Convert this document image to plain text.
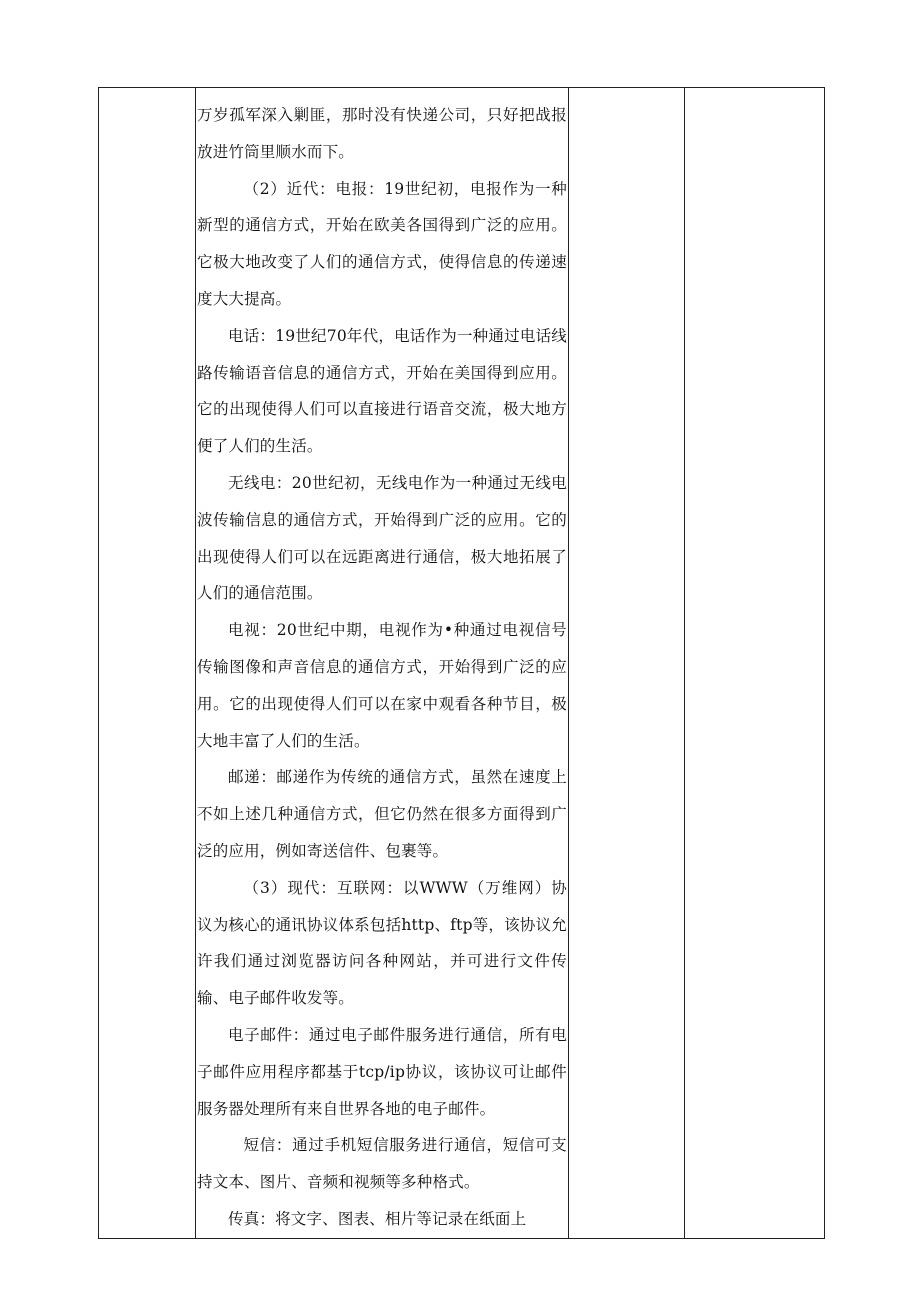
万岁孤军深入剿匪，那时没有快递公司，只好把战报放进竹筒里顺水而下。

（2）近代：电报：19世纪初，电报作为一种新型的通信方式，开始在欧美各国得到广泛的应用。它极大地改变了人们的通信方式，使得信息的传递速度大大提高。

电话：19世纪70年代，电话作为一种通过电话线路传输语音信息的通信方式，开始在美国得到应用。它的出现使得人们可以直接进行语音交流，极大地方便了人们的生活。

无线电：20世纪初，无线电作为一种通过无线电波传输信息的通信方式，开始得到广泛的应用。它的出现使得人们可以在远距离进行通信，极大地拓展了人们的通信范围。

电视：20世纪中期，电视作为•种通过电视信号传输图像和声音信息的通信方式，开始得到广泛的应用。它的出现使得人们可以在家中观看各种节目，极大地丰富了人们的生活。

邮递：邮递作为传统的通信方式，虽然在速度上不如上述几种通信方式，但它仍然在很多方面得到广泛的应用，例如寄送信件、包裹等。

（3）现代：互联网：以WWW（万维网）协议为核心的通讯协议体系包括http、ftp等，该协议允许我们通过浏览器访问各种网站，并可进行文件传输、电子邮件收发等。

电子邮件：通过电子邮件服务进行通信，所有电子邮件应用程序都基于tcp/ip协议，该协议可让邮件服务器处理所有来自世界各地的电子邮件。

短信：通过手机短信服务进行通信，短信可支持文本、图片、音频和视频等多种格式。

传真：将文字、图表、相片等记录在纸面上
